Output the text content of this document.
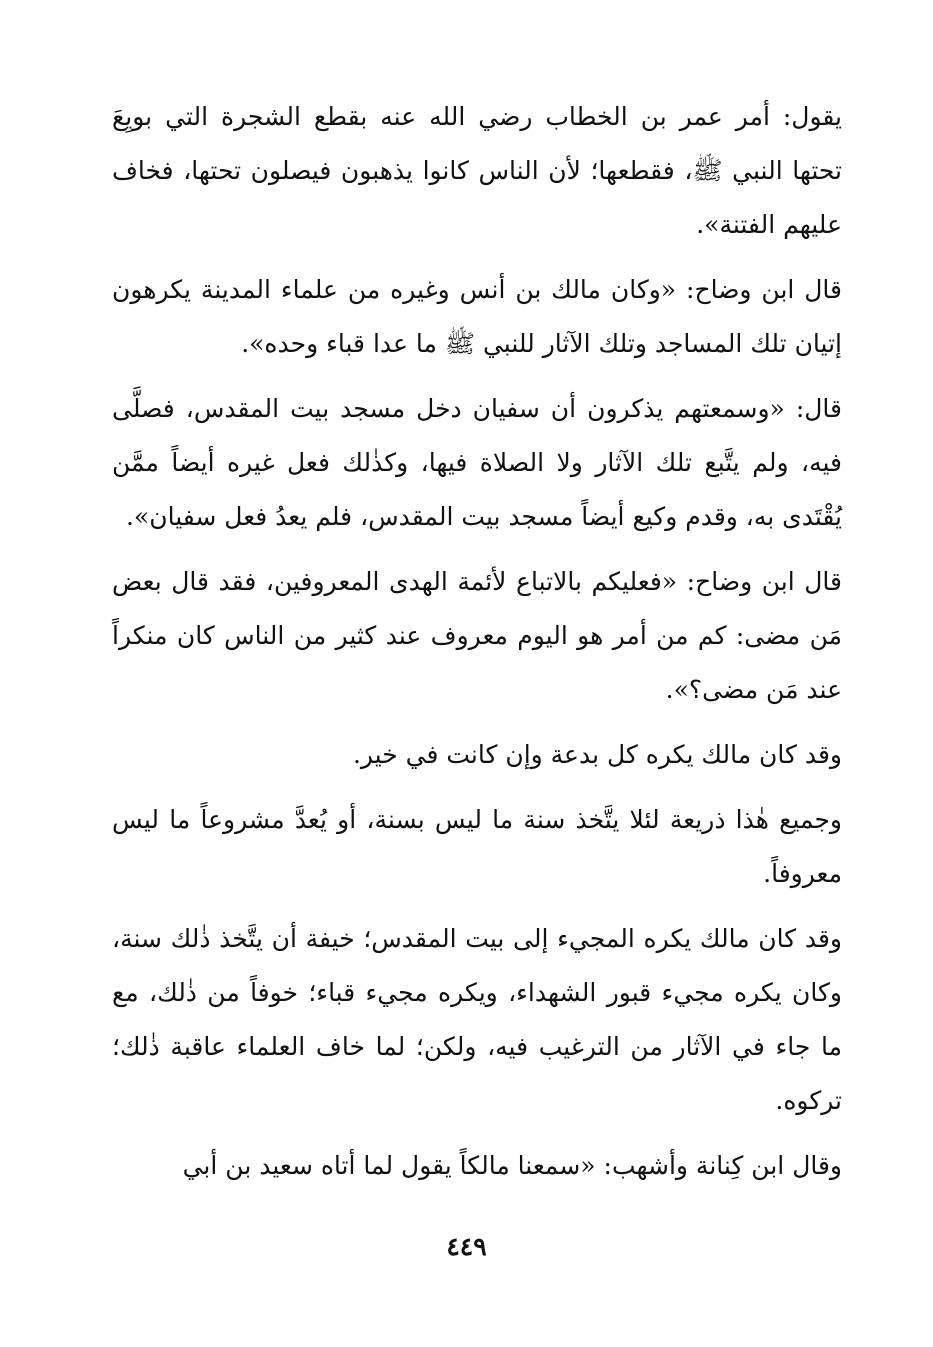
يقول: أمر عمر بن الخطاب رضي الله عنه بقطع الشجرة التي بويِعَ تحتها النبي ﷺ، فقطعها؛ لأن الناس كانوا يذهبون فيصلون تحتها، فخاف عليهم الفتنة».

قال ابن وضاح: «وكان مالك بن أنس وغيره من علماء المدينة يكرهون إتيان تلك المساجد وتلك الآثار للنبي ﷺ ما عدا قباء وحده».

قال: «وسمعتهم يذكرون أن سفيان دخل مسجد بيت المقدس، فصلَّى فيه، ولم يتَّبع تلك الآثار ولا الصلاة فيها، وكذٰلك فعل غيره أيضاً ممَّن يُقْتَدى به، وقدم وكيع أيضاً مسجد بيت المقدس، فلم يعدُ فعل سفيان».

قال ابن وضاح: «فعليكم بالاتباع لأئمة الهدى المعروفين، فقد قال بعض مَن مضى: كم من أمر هو اليوم معروف عند كثير من الناس كان منكراً عند مَن مضى؟».

وقد كان مالك يكره كل بدعة وإن كانت في خير.

وجميع هٰذا ذريعة لئلا يتَّخذ سنة ما ليس بسنة، أو يُعدَّ مشروعاً ما ليس معروفاً.

وقد كان مالك يكره المجيء إلى بيت المقدس؛ خيفة أن يتَّخذ ذٰلك سنة، وكان يكره مجيء قبور الشهداء، ويكره مجيء قباء؛ خوفاً من ذٰلك، مع ما جاء في الآثار من الترغيب فيه، ولكن؛ لما خاف العلماء عاقبة ذٰلك؛ تركوه.

وقال ابن كِنانة وأشهب: «سمعنا مالكاً يقول لما أتاه سعيد بن أبي

٤٤٩
